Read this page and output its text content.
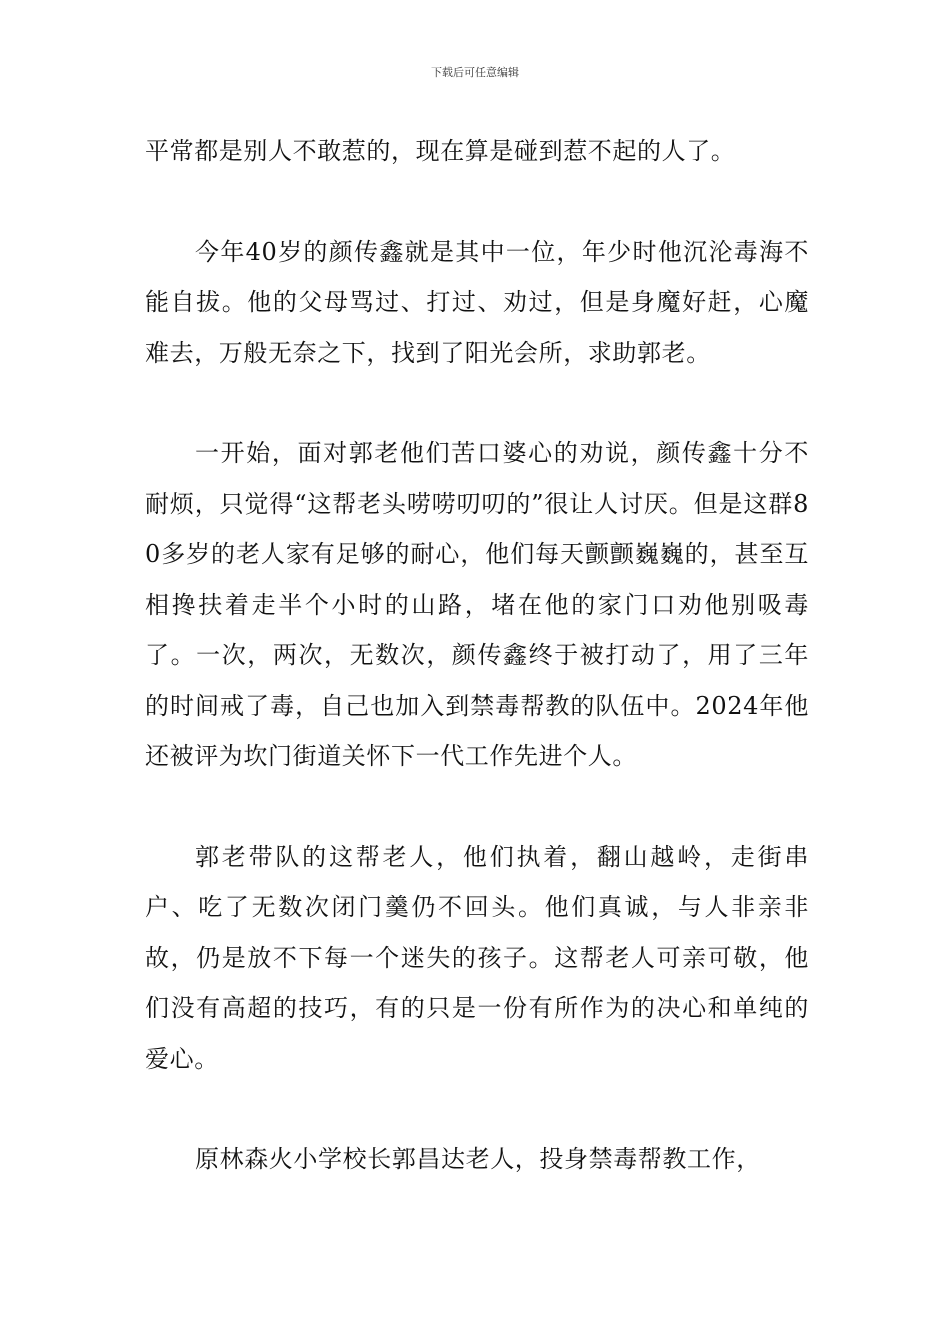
下载后可任意编辑

平常都是别人不敢惹的，现在算是碰到惹不起的人了。

今年40岁的颜传鑫就是其中一位，年少时他沉沦毒海不能自拔。他的父母骂过、打过、劝过，但是身魔好赶，心魔难去，万般无奈之下，找到了阳光会所，求助郭老。

一开始，面对郭老他们苦口婆心的劝说，颜传鑫十分不耐烦，只觉得“这帮老头唠唠叨叨的”很让人讨厌。但是这群80多岁的老人家有足够的耐心，他们每天颤颤巍巍的，甚至互相搀扶着走半个小时的山路，堵在他的家门口劝他别吸毒了。一次，两次，无数次，颜传鑫终于被打动了，用了三年的时间戒了毒，自己也加入到禁毒帮教的队伍中。2024年他还被评为坎门街道关怀下一代工作先进个人。

郭老带队的这帮老人，他们执着，翻山越岭，走街串户、吃了无数次闭门羹仍不回头。他们真诚，与人非亲非故，仍是放不下每一个迷失的孩子。这帮老人可亲可敬，他们没有高超的技巧，有的只是一份有所作为的决心和单纯的爱心。

原林森火小学校长郭昌达老人，投身禁毒帮教工作，
